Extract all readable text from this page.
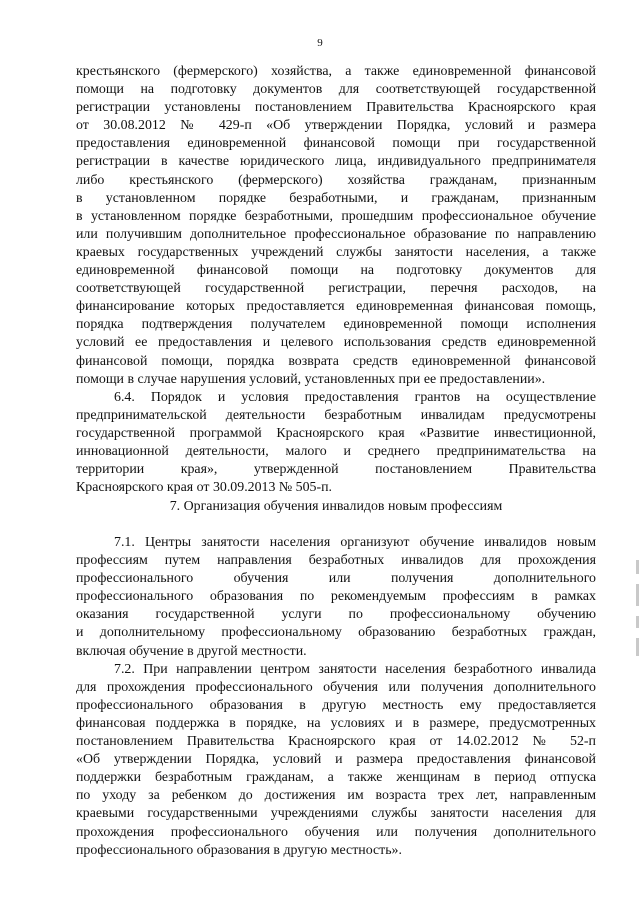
9
крестьянского (фермерского) хозяйства, а также единовременной финансовой
помощи на подготовку документов для соответствующей государственной
регистрации установлены постановлением Правительства Красноярского края
от 30.08.2012 № 429-п «Об утверждении Порядка, условий и размера
предоставления единовременной финансовой помощи при государственной
регистрации в качестве юридического лица, индивидуального предпринимателя
либо крестьянского (фермерского) хозяйства гражданам, признанным
в установленном порядке безработными, и гражданам, признанным
в установленном порядке безработными, прошедшим профессиональное обучение
или получившим дополнительное профессиональное образование по направлению
краевых государственных учреждений службы занятости населения, а также
единовременной финансовой помощи на подготовку документов для
соответствующей государственной регистрации, перечня расходов, на
финансирование которых предоставляется единовременная финансовая помощь,
порядка подтверждения получателем единовременной помощи исполнения
условий ее предоставления и целевого использования средств единовременной
финансовой помощи, порядка возврата средств единовременной финансовой
помощи в случае нарушения условий, установленных при ее предоставлении».
6.4. Порядок и условия предоставления грантов на осуществление
предпринимательской деятельности безработным инвалидам предусмотрены
государственной программой Красноярского края «Развитие инвестиционной,
инновационной деятельности, малого и среднего предпринимательства на
территории края», утвержденной постановлением Правительства
Красноярского края от 30.09.2013 № 505-п.
7. Организация обучения инвалидов новым профессиям
7.1. Центры занятости населения организуют обучение инвалидов новым
профессиям путем направления безработных инвалидов для прохождения
профессионального обучения или получения дополнительного
профессионального образования по рекомендуемым профессиям в рамках
оказания государственной услуги по профессиональному обучению
и дополнительному профессиональному образованию безработных граждан,
включая обучение в другой местности.
7.2. При направлении центром занятости населения безработного инвалида
для прохождения профессионального обучения или получения дополнительного
профессионального образования в другую местность ему предоставляется
финансовая поддержка в порядке, на условиях и в размере, предусмотренных
постановлением Правительства Красноярского края от 14.02.2012 № 52-п
«Об утверждении Порядка, условий и размера предоставления финансовой
поддержки безработным гражданам, а также женщинам в период отпуска
по уходу за ребенком до достижения им возраста трех лет, направленным
краевыми государственными учреждениями службы занятости населения для
прохождения профессионального обучения или получения дополнительного
профессионального образования в другую местность».
